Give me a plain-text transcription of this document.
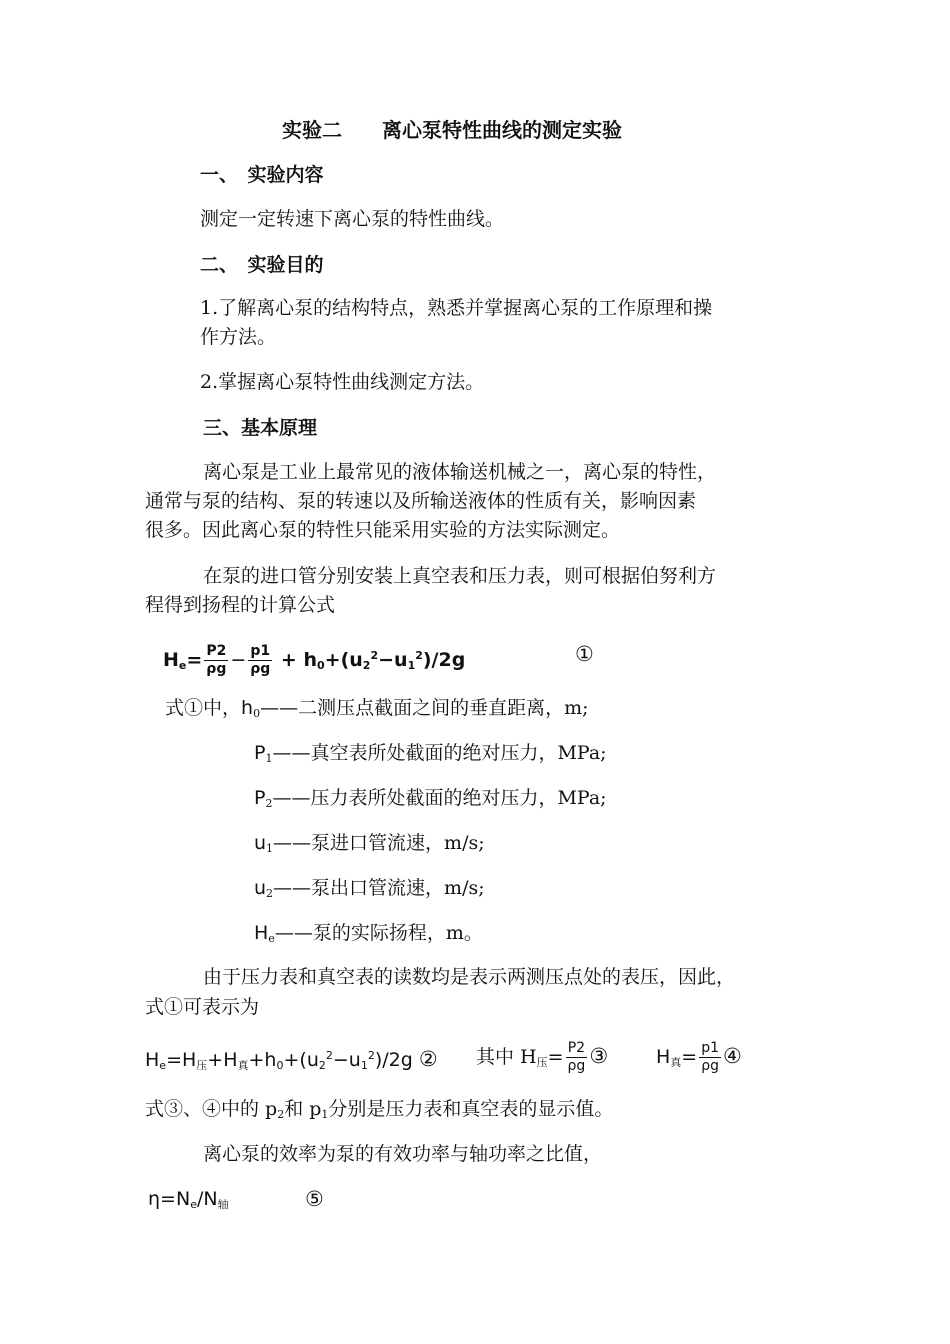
实验二　　离心泵特性曲线的测定实验
一、　实验内容
测定一定转速下离心泵的特性曲线。
二、　实验目的
1.了解离心泵的结构特点，熟悉并掌握离心泵的工作原理和操
作方法。
2.掌握离心泵特性曲线测定方法。
三、基本原理
离心泵是工业上最常见的液体输送机械之一，离心泵的特性，
通常与泵的结构、泵的转速以及所输送液体的性质有关，影响因素
很多。因此离心泵的特性只能采用实验的方法实际测定。
在泵的进口管分别安装上真空表和压力表，则可根据伯努利方
程得到扬程的计算公式
$H_e= \frac{P2}{\rho g} - \frac{p1}{\rho g} + h_0+(u_2^2-u_1^2)/2g$	①
式①中，$h_0——$二测压点截面之间的垂直距离，m;
$P_1——$真空表所处截面的绝对压力，MPa;
$P_2——$压力表所处截面的绝对压力，MPa;
$u_1——$泵进口管流速，m/s;
$u_2——$泵出口管流速，m/s;
$H_e——$泵的实际扬程，m。
由于压力表和真空表的读数均是表示两测压点处的表压，因此，
式①可表示为
$H_e=H_压+H_真+h_0+(u_2^2-u_1^2)/2g$ ② 其中 $H_压= \frac{P2}{\rho g}$ ③	$H_真= \frac{p1}{\rho g}$ ④
式③、④中的 $p_2$和 $p_1$分别是压力表和真空表的显示值。
离心泵的效率为泵的有效功率与轴功率之比值，
$\eta=N_e/N_轴$	⑤
